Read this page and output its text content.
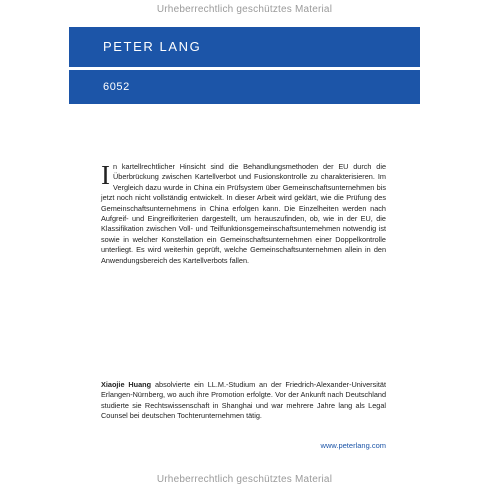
Urheberrechtlich geschütztes Material
PETER LANG
6052
In kartellrechtlicher Hinsicht sind die Behandlungsmethoden der EU durch die Überbrückung zwischen Kartellverbot und Fusionskontrolle zu charakterisieren. Im Vergleich dazu wurde in China ein Prüfsystem über Gemeinschaftsunternehmen bis jetzt noch nicht vollständig entwickelt. In dieser Arbeit wird geklärt, wie die Prüfung des Gemeinschaftsunternehmens in China erfolgen kann. Die Einzelheiten werden nach Aufgreif- und Eingreifkriterien dargestellt, um herauszufinden, ob, wie in der EU, die Klassifikation zwischen Voll- und Teilfunktionsgemeinschaftsunternehmen notwendig ist sowie in welcher Konstellation ein Gemeinschaftsunternehmen einer Doppelkontrolle unterliegt. Es wird weiterhin geprüft, welche Gemeinschaftsunternehmen allein in den Anwendungsbereich des Kartellverbots fallen.
Xiaojie Huang absolvierte ein LL.M.-Studium an der Friedrich-Alexander-Universität Erlangen-Nürnberg, wo auch ihre Promotion erfolgte. Vor der Ankunft nach Deutschland studierte sie Rechtswissenschaft in Shanghai und war mehrere Jahre lang als Legal Counsel bei deutschen Tochterunternehmen tätig.
www.peterlang.com
Urheberrechtlich geschütztes Material
